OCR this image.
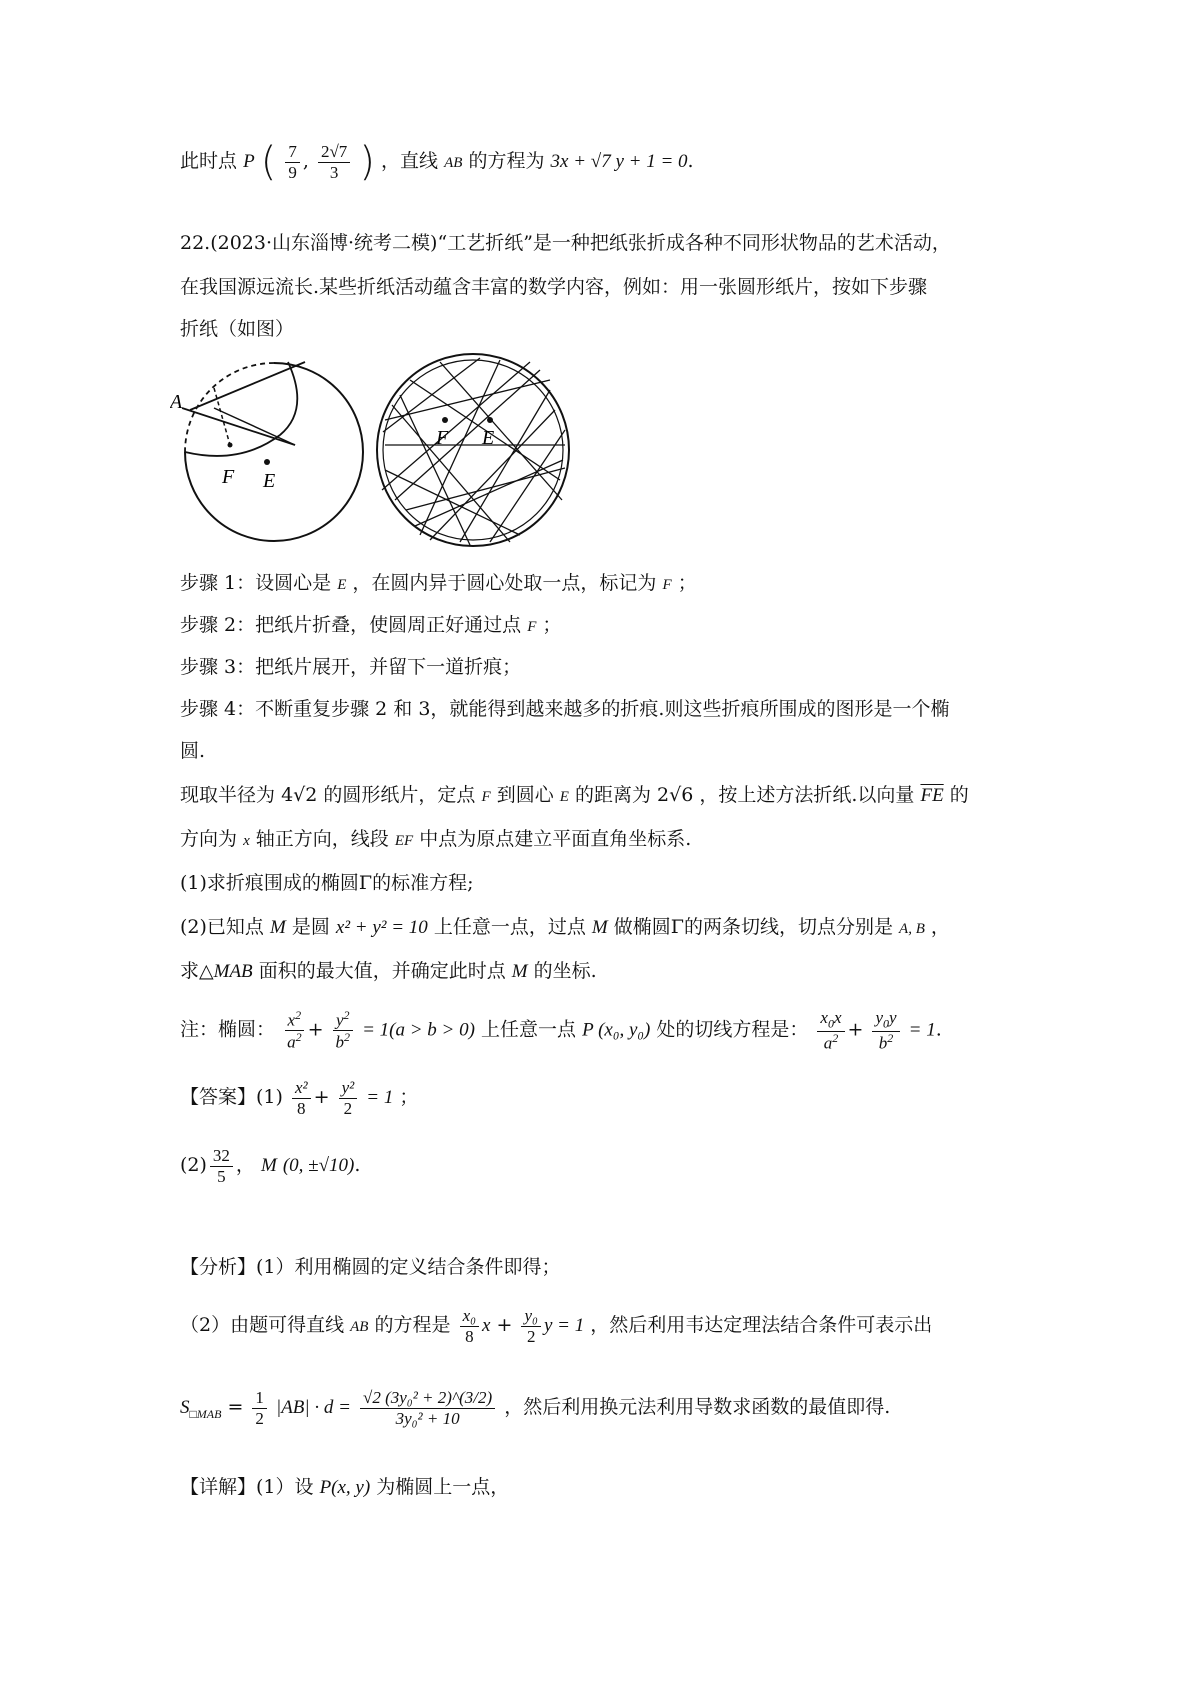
此时点 P ( $\frac{7}{9}$ , $\frac{2√7}{3}$ ) ，直线 AB 的方程为 3x + √7 y + 1 = 0.
22.(2023·山东淄博·统考二模)“工艺折纸”是一种把纸张折成各种不同形状物品的艺术活动，
在我国源远流长.某些折纸活动蕴含丰富的数学内容，例如：用一张圆形纸片，按如下步骤
折纸（如图）
A
F E
F E
步骤 1：设圆心是 E ，在圆内异于圆心处取一点，标记为 F ；
步骤 2：把纸片折叠，使圆周正好通过点 F ；
步骤 3：把纸片展开，并留下一道折痕；
步骤 4：不断重复步骤 2 和 3，就能得到越来越多的折痕.则这些折痕所围成的图形是一个椭
圆.
现取半径为 4√2 的圆形纸片，定点 F 到圆心 E 的距离为 2√6 ，按上述方法折纸.以向量 $\overline{FE}$ 的
方向为 x 轴正方向，线段 EF 中点为原点建立平面直角坐标系.
(1)求折痕围成的椭圆Γ的标准方程;
(2)已知点 M 是圆 x² + y² = 10 上任意一点，过点 M 做椭圆Γ的两条切线，切点分别是 A, B ，
求△MAB 面积的最大值，并确定此时点 M 的坐标.
注：椭圆： $\frac{x^2}{a^2} + \frac{y^2}{b^2} = 1(a > b > 0)$ 上任意一点 P (x₀, y₀) 处的切线方程是： $\frac{x_0x}{a^2} + \frac{y_0y}{b^2} = 1$.
【答案】$(1) \frac{\text{x²}}{8} + \frac{\text{y²}}{2} = 1$ ；
$(2) \frac{32}{5}$ ， M (0, ±√10).
【分析】(1）利用椭圆的定义结合条件即得；
（2）由题可得直线 AB 的方程是 $\frac{\text{x₀}}{8}$ $x + \frac{\text{y₀}}{2}$ y = 1 ，然后利用韦达定理法结合条件可表示出
$S_{□MAB} = \frac{1}{2} |AB| \cdot d = \frac{\text{√2 (3y₀² + 2)\textasciicircum{}(3/2)}}{\text{3y₀² + 10}}$ ，然后利用换元法利用导数求函数的最值即得.
【详解】(1）设 P(x, y) 为椭圆上一点，
